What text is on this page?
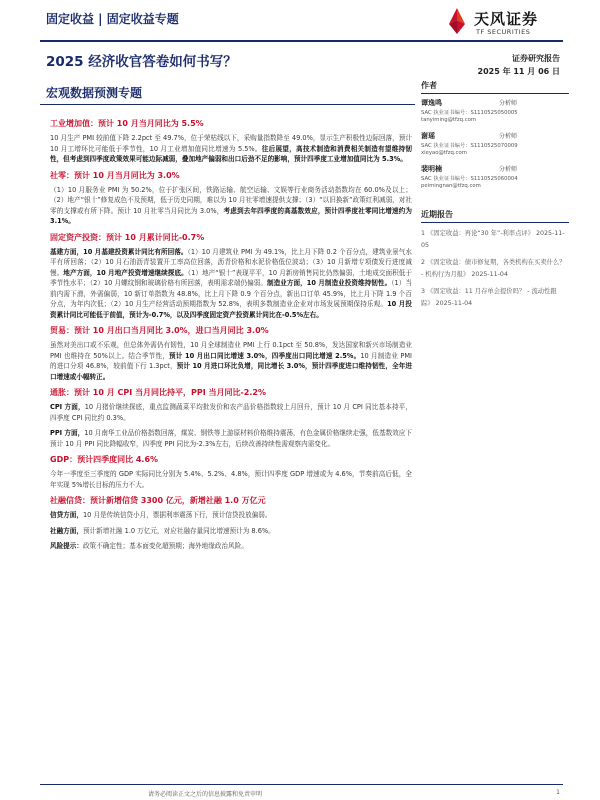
固定收益 | 固定收益专题	天风证券
TF SECURITIES
2025 经济收官答卷如何书写？	证券研究报告
2025 年 11 月 06 日
宏观数据预测专题
工业增加值：预计 10 月当月同比为 5.5%
10 月生产 PMI 较前值下降 2.2pct 至 49.7%，位于荣枯线以下，采购量指数降至 49.0%，显示生产积极性边际回落，预计 10 月工增环比可能低于季节性，10 月工业增加值同比增速为 5.5%。往后展望，高技术制造和消费相关制造有望维持韧性，但考虑到四季度政策效果可能边际减弱，叠加地产偏弱和出口后劲不足的影响，预计四季度工业增加值同比为 5.3%。
社零：预计 10 月当月同比为 3.0%
（1）10 月服务业 PMI 为 50.2%，位于扩张区间，铁路运输、航空运输、文娱等行业商务活动指数均在 60.0%及以上；（2）地产“银十”修复成色不及预期，低于历史同期，难以为 10 月社零增速提供支撑；（3）“以旧换新”政策红利减弱，对社零的支撑或有所下降。预计 10 月社零当月同比为 3.0%，考虑到去年四季度的高基数效应，预计四季度社零同比增速约为 3.1%。
固定资产投资：预计 10 月累计同比-0.7%
基建方面，10 月基建投资累计同比有所回落。（1）10 月建筑业 PMI 为 49.1%，比上月下降 0.2 个百分点，建筑业景气水平有所回落；（2）10 月石油沥青装置开工率高位回落，沥青价格和水泥价格低位波动；（3）10 月新增专项债发行进度减慢。地产方面，10 月地产投资增速继续探底。（1）地产“银十”表现平平，10 月新房销售同比仍然偏弱，土地成交面积低于季节性水平；（2）10 月螺纹钢和玻璃价格有所回落，表明需求端仍偏弱。制造业方面，10 月制造业投资维持韧性。（1）当前内需下滑，外需偏弱，10 新订单指数为 48.8%，比上月下降 0.9 个百分点，新出口订单 45.9%，比上月下降 1.9 个百分点，为年内次低；（2）10 月生产经营活动预期指数为 52.8%，表明多数制造业企业对市场发展预期保持乐观。10 月投资累计同比可能低于前值，预计为-0.7%，以及四季度固定资产投资累计同比在-0.5%左右。
贸易：预计 10 月出口当月同比 3.0%，进口当月同比 3.0%
虽然对美出口或不乐观，但总体外需仍有韧性，10 月全球制造业 PMI 上行 0.1pct 至 50.8%，发达国家和新兴市场制造业 PMI 也维持在 50%以上。结合季节性，预计 10 月出口同比增速 3.0%，四季度出口同比增速 2.5%。10 月制造业 PMI 的进口分项 46.8%，较前值下行 1.3pct，预计 10 月进口环比负增，同比增长 3.0%，预计四季度进口维持韧性，全年进口增速或小幅转正。
通胀：预计 10 月 CPI 当月同比持平，PPI 当月同比-2.2%
CPI 方面，10 月猪价继续探底，重点监测蔬菜平均批发价和农产品价格指数较上月回升，预计 10 月 CPI 同比基本持平，四季度 CPI 同比约 0.3%。
PPI 方面，10 月南华工业品价格指数回落，煤炭、钢铁等上游原材料价格维持震荡，有色金属价格继续走强，低基数效应下预计 10 月 PPI 同比降幅收窄，四季度 PPI 同比为-2.3%左右，后续改善持续性需观察内需变化。
GDP：预计四季度同比 4.6%
今年一季度至三季度的 GDP 实际同比分别为 5.4%、5.2%、4.8%，预计四季度 GDP 增速或为 4.6%，节奏前高后低，全年实现 5%增长目标的压力不大。
社融信贷：预计新增信贷 3300 亿元，新增社融 1.0 万亿元
信贷方面，10 月是传统信贷小月，票据利率震荡下行，预计信贷投放偏弱。
社融方面，预计新增社融 1.0 万亿元，对应社融存量同比增速预计为 8.6%。
风险提示：政策不确定性；基本面变化超预期；海外地缘政治风险。
作者
谭逸鸣	分析师
SAC 执业证书编号：S1110525050005
tanyiming@tfzq.com
谢瑶	分析师
SAC 执业证书编号：S1110525070009
xieyao@tfzq.com
裴明楠	分析师
SAC 执业证书编号：S1110525060004
peimingnan@tfzq.com
近期报告
1 《固定收益：再论“30 年”-利率点评》 2025-11-05
2 《固定收益：债市修复期，各类机构在买卖什么？ - 机构行为月报》 2025-11-04
3 《固定收益：11 月存单会提价吗？ - 流动性跟踪》 2025-11-04
请务必阅读正文之后的信息披露和免责申明	1
